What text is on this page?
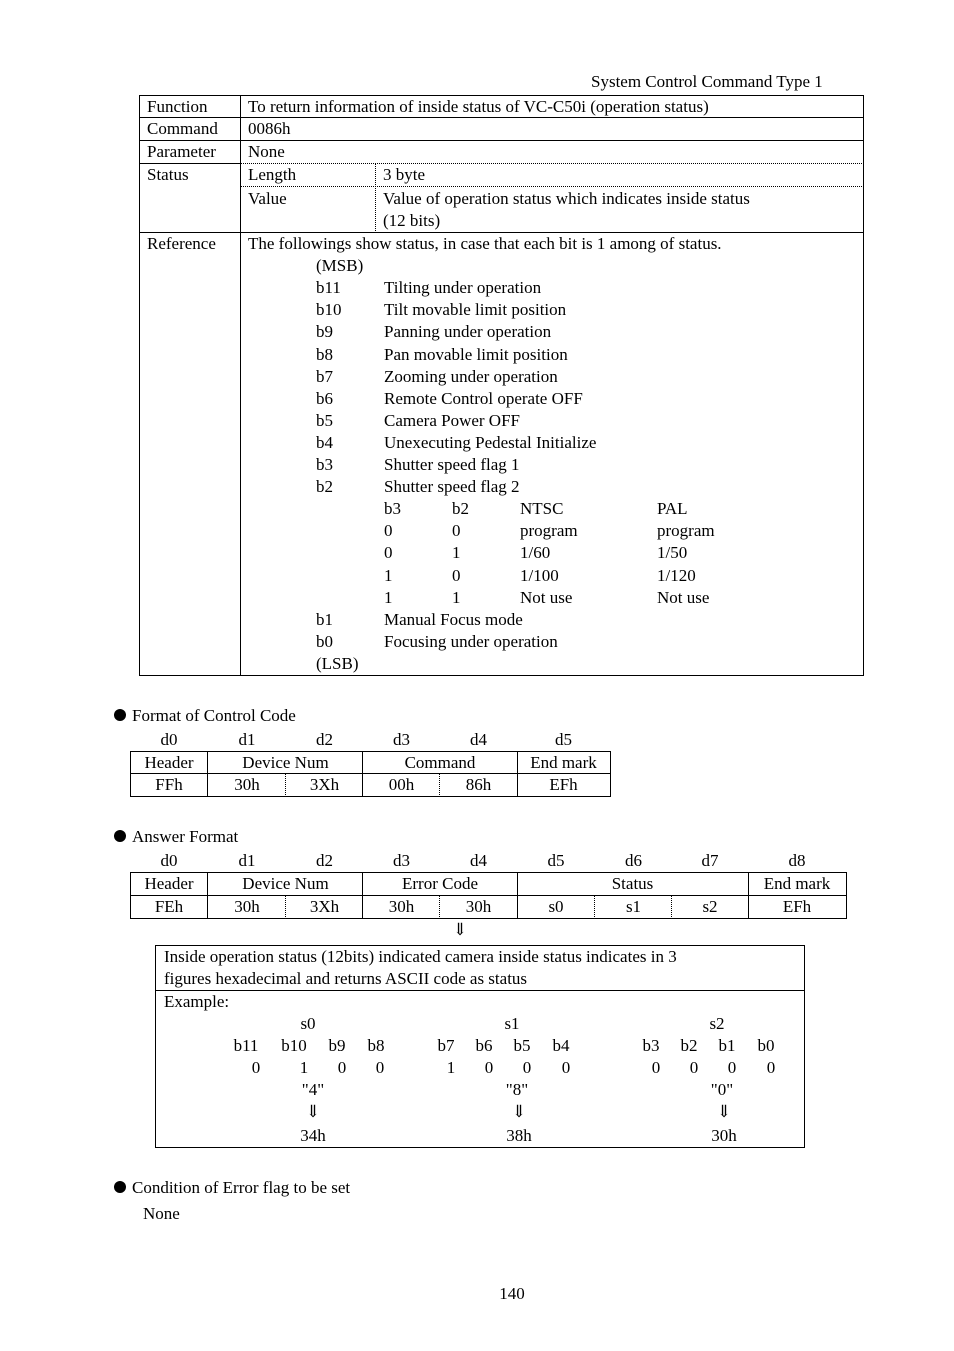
System Control Command Type 1
Function To return information of inside status of VC-C50i (operation status)
Command 0086h
Parameter None
Status	Length	3 byte
Value	Value of operation status which indicates inside status
(12 bits)
Reference The followings show status, in case that each bit is 1 among of status.
(MSB)
b11	Tilting under operation
b10	Tilt movable limit position
b9	Panning under operation
b8	Pan movable limit position
b7	Zooming under operation
b6	Remote Control operate OFF
b5	Camera Power OFF
b4	Unexecuting Pedestal Initialize
b3	Shutter speed flag 1
b2	Shutter speed flag 2
b3	b2	NTSC	PAL
0	0	program	program
0	1	1/60	1/50
1	0	1/100	1/120
1	1	Not use	Not use
b1	Manual Focus mode
b0	Focusing under operation
(LSB)
Format of Control Code
d0	d1	d2	d3	d4	d5
Header	Device Num	Command	End mark
FFh	30h	3Xh	00h	86h	EFh
Answer Format
d0	d1	d2	d3	d4	d5	d6	d7	d8
Header	Device Num	Error Code	Status	End mark
FEh	30h	3Xh	30h	30h	s0	s1	s2	EFh
⇓
Inside operation status (12bits) indicated camera inside status indicates in 3
figures hexadecimal and returns ASCII code as status
Example:
s0
b11	b10	b9	b8
0	1	0	0
"4"
⇓
34h
s1
b7	b6	b5	b4
1	0	0	0
"8"
⇓
38h
s2
b3	b2	b1	b0
0	0	0	0
"0"
⇓
30h
Condition of Error flag to be set
None
140
